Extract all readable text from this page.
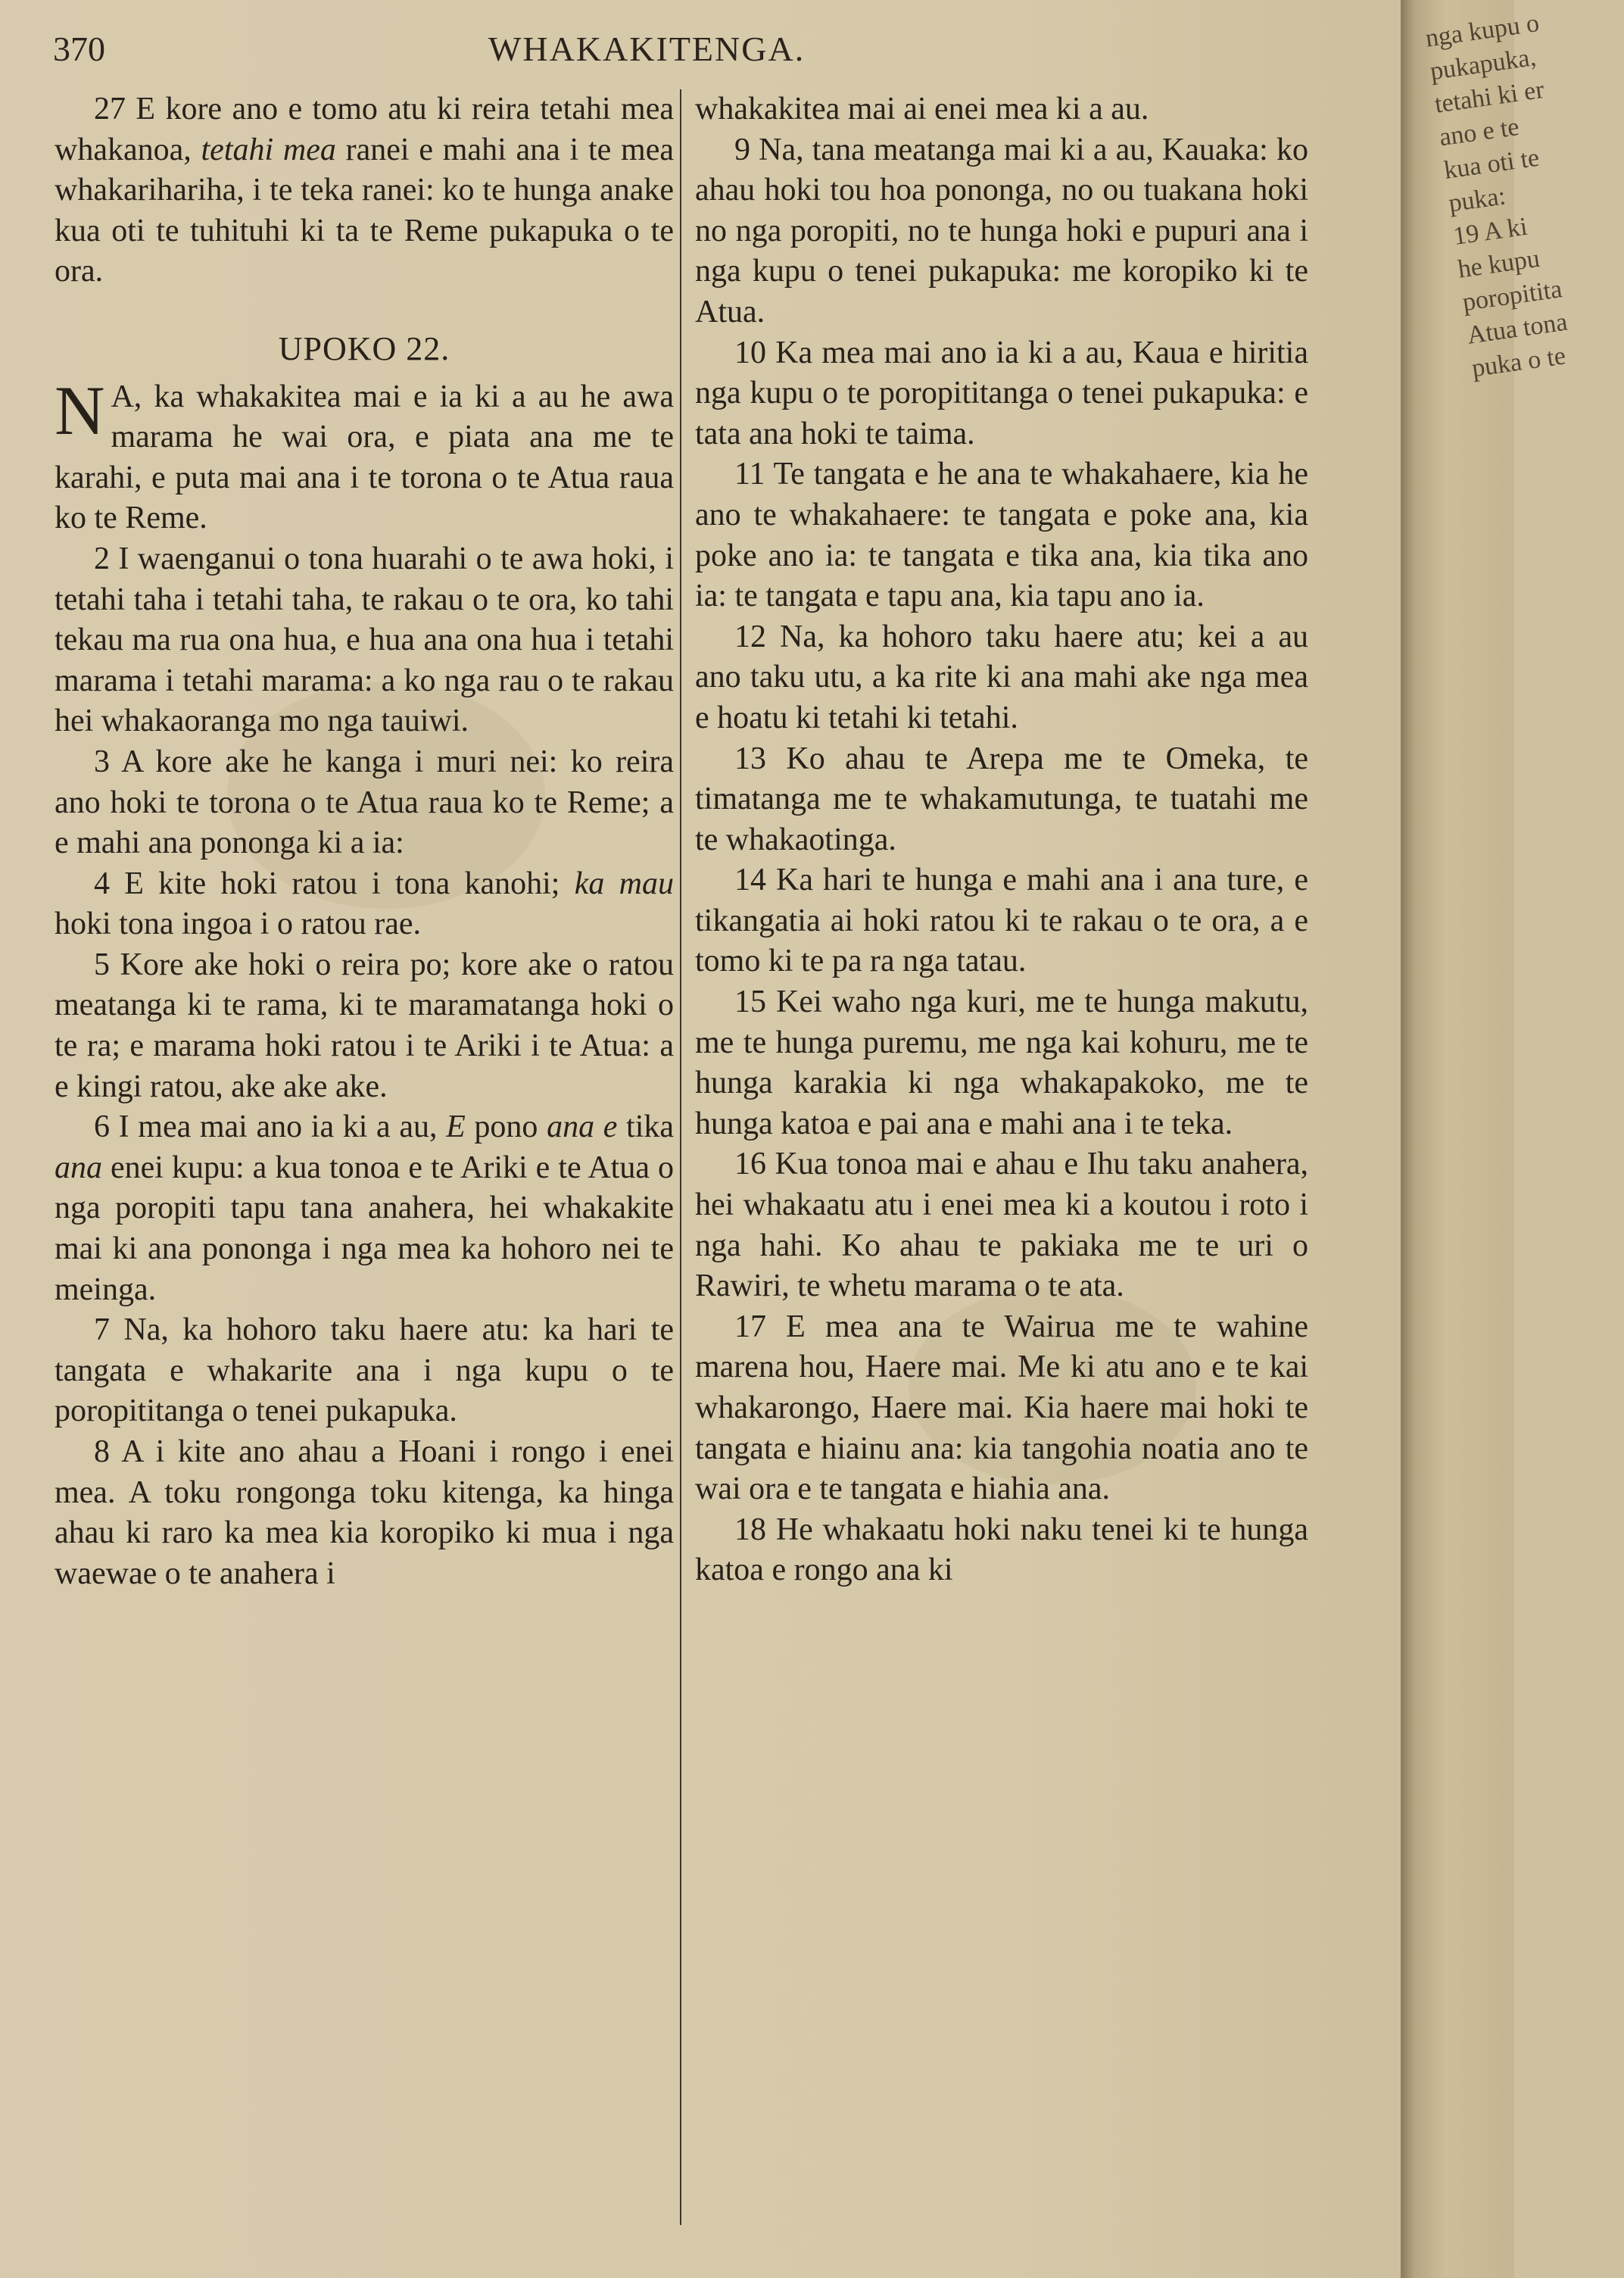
370	WHAKAKITENGA.

27 E kore ano e tomo atu ki reira tetahi mea whakanoa, tetahi mea ranei e mahi ana i te mea whakarihariha, i te teka ranei: ko te hunga anake kua oti te tuhituhi ki ta te Reme pukapuka o te ora.

UPOKO 22.

N A, ka whakakitea mai e ia ki a au he awa marama he wai ora, e piata ana me te karahi, e puta mai ana i te torona o te Atua raua ko te Reme.

2 I waenganui o tona huarahi o te awa hoki, i tetahi taha i tetahi taha, te rakau o te ora, ko tahi tekau ma rua ona hua, e hua ana ona hua i tetahi marama i tetahi marama: a ko nga rau o te rakau hei whakaoranga mo nga tauiwi.

3 A kore ake he kanga i muri nei: ko reira ano hoki te torona o te Atua raua ko te Reme; a e mahi ana pononga ki a ia:

4 E kite hoki ratou i tona kanohi; ka mau hoki tona ingoa i o ratou rae.

5 Kore ake hoki o reira po; kore ake o ratou meatanga ki te rama, ki te maramatanga hoki o te ra; e marama hoki ratou i te Ariki i te Atua: a e kingi ratou, ake ake ake.

6 I mea mai ano ia ki a au, E pono ana e tika ana enei kupu: a kua tonoa e te Ariki e te Atua o nga poropiti tapu tana anahera, hei whakakite mai ki ana pononga i nga mea ka hohoro nei te meinga.

7 Na, ka hohoro taku haere atu: ka hari te tangata e whakarite ana i nga kupu o te poropititanga o tenei pukapuka.

8 A i kite ano ahau a Hoani i rongo i enei mea. A toku rongonga toku kitenga, ka hinga ahau ki raro ka mea kia koropiko ki mua i nga waewae o te anahera i

whakakitea mai ai enei mea ki a au.

9 Na, tana meatanga mai ki a au, Kauaka: ko ahau hoki tou hoa pononga, no ou tuakana hoki no nga poropiti, no te hunga hoki e pupuri ana i nga kupu o tenei pukapuka: me koropiko ki te Atua.

10 Ka mea mai ano ia ki a au, Kaua e hiritia nga kupu o te poropititanga o tenei pukapuka: e tata ana hoki te taima.

11 Te tangata e he ana te whakahaere, kia he ano te whakahaere: te tangata e poke ana, kia poke ano ia: te tangata e tika ana, kia tika ano ia: te tangata e tapu ana, kia tapu ano ia.

12 Na, ka hohoro taku haere atu; kei a au ano taku utu, a ka rite ki ana mahi ake nga mea e hoatu ki tetahi ki tetahi.

13 Ko ahau te Arepa me te Omeka, te timatanga me te whakamutunga, te tuatahi me te whakaotinga.

14 Ka hari te hunga e mahi ana i ana ture, e tikangatia ai hoki ratou ki te rakau o te ora, a e tomo ki te pa ra nga tatau.

15 Kei waho nga kuri, me te hunga makutu, me te hunga puremu, me nga kai kohuru, me te hunga karakia ki nga whakapakoko, me te hunga katoa e pai ana e mahi ana i te teka.

16 Kua tonoa mai e ahau e Ihu taku anahera, hei whakaatu atu i enei mea ki a koutou i roto i nga hahi. Ko ahau te pakiaka me te uri o Rawiri, te whetu marama o te ata.

17 E mea ana te Wairua me te wahine marena hou, Haere mai. Me ki atu ano e te kai whakarongo, Haere mai. Kia haere mai hoki te tangata e hiainu ana: kia tangohia noatia ano te wai ora e te tangata e hiahia ana.

18 He whakaatu hoki naku tenei ki te hunga katoa e rongo ana ki

nga kupu o
pukapuka,
tetahi ki er
ano e te
kua oti te
puka:
19 A ki
he kupu
poropitita
Atua tona
puka o te
